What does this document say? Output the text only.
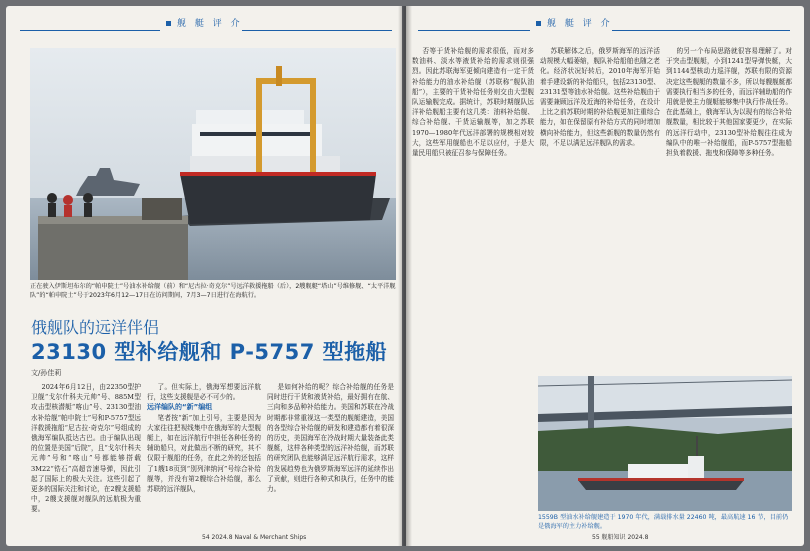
舰 艇 评 介
正在驶入伊斯坦布尔的“帕申院士”号油水补给舰（前）和“尼古拉·奇克尔”号远洋救援拖船（后），2艘舰艇“塔山”号维修舰、“太平洋舰队”的“帕申院士”号于2023年6月12—17日在访问期间，7月3—7日进行在海航行。
俄舰队的远洋伴侣
23130 型补给舰和 P-5757 型拖船
文/孙佳莉

2024年6月12日，由22350型护卫舰“戈尔什科夫元帅”号、885M型攻击型核潜艇“喀山”号、23130型油水补给舰“帕申院士”号和P-5757型远洋救援拖船“尼古拉·奇克尔”号组成的俄海军编队抵达古巴。由于编队出现的位置是美国“后院”，且“戈尔什科夫元帅”号和“喀山”号都能够搭载3M22“锆石”高超音速导弹，因此引起了国际上的极大关注。这些引起了更多的国际关注和讨论，在2艘支援船中，2艘支援舰对舰队的远航极为重要。

了。但实际上，俄海军想要远洋航行，这些支援舰是必不可少的。

远洋编队的“新”编组

笔者按“新”加上引号，主要是因为大家往往把视线集中在俄海军的大型舰艇上，如在远洋航行中担任各种任务的辅助船只，对此做出不断的研究，其不仅限于舰船的任务，在此之外的还包括了1艘18页到“别列津纳河”号综合补给舰等，并没有第2艘综合补给舰，那么苏联的远洋舰队，

是如何补给的呢？综合补给舰的任务是同时进行干货和液货补给，最好拥有在航、三向和多品种补给能力。美国和苏联在冷战时期都非常重视这一类型的舰艇建造，美国的各型综合补给舰的研发和建造都有着很深的历史，美国海军在冷战时期大量装备此类舰艇，这样各种类型的远洋补给舰，而苏联的研究团队也能够满足远洋航行需求，这样的发展趋势也为俄罗斯海军远洋的延续作出了贡献，则进行各种式和执行，任务中的能力。

54 2024.8 Naval & Merchant Ships
舰 艇 评 介

否等于货补给舰的需求很低，而对多数油料、淡水等液货补给的需求则很强烈。因此苏联海军更倾向建造有一定干货补给能力的油水补给舰（苏联称“舰队油船”），主要的干货补给任务则交由大型舰队运输舰完成。据统计，苏联时期舰队远洋补给舰船主要有这几类：油料补给舰、综合补给舰、干货运输舰等，加之苏联1970—1980年代远洋部署的规模相对较大，这些军用舰船也不足以应付，于是大量民用船只被征召参与保障任务。

苏联解体之后，俄罗斯海军的远洋活动规模大幅萎缩，舰队补给船舶也随之老化。经济状况好转后，2010年海军开始着手建设新的补给船只，包括23130型、23131型等油水补给舰。这些补给舰由于需要兼顾远洋及近海的补给任务，在设计上比之前苏联时期的补给舰更加注重综合能力，如在保留原有补给方式的同时增加横向补给能力，但这些新舰的数量仍然有限，不足以满足远洋舰队的需求。

的另一个布局思路就很容易理解了。对于突击型舰艇，小到1241型导弹快艇，大到1144型核动力巡洋舰，苏联有限的资源决定这些舰艇的数量不多，所以每艘舰艇都需要执行相当多的任务，而远洋辅助船的作用就是使主力舰艇能够集中执行作战任务。在此基础上，俄海军认为以现有的综合补给舰数量，相比较于其他国家要更少，在实际的远洋行动中，23130型补给舰往往成为编队中的唯一补给舰船，而P-5757型拖船担负着救援、拖曳和保障等多种任务。

1559B 型油水补给舰建造于 1970 年代，满载排水量 22460 吨，最高航速 16 节，目前仍是俄海军的主力补给舰。
55 舰船知识 2024.8
